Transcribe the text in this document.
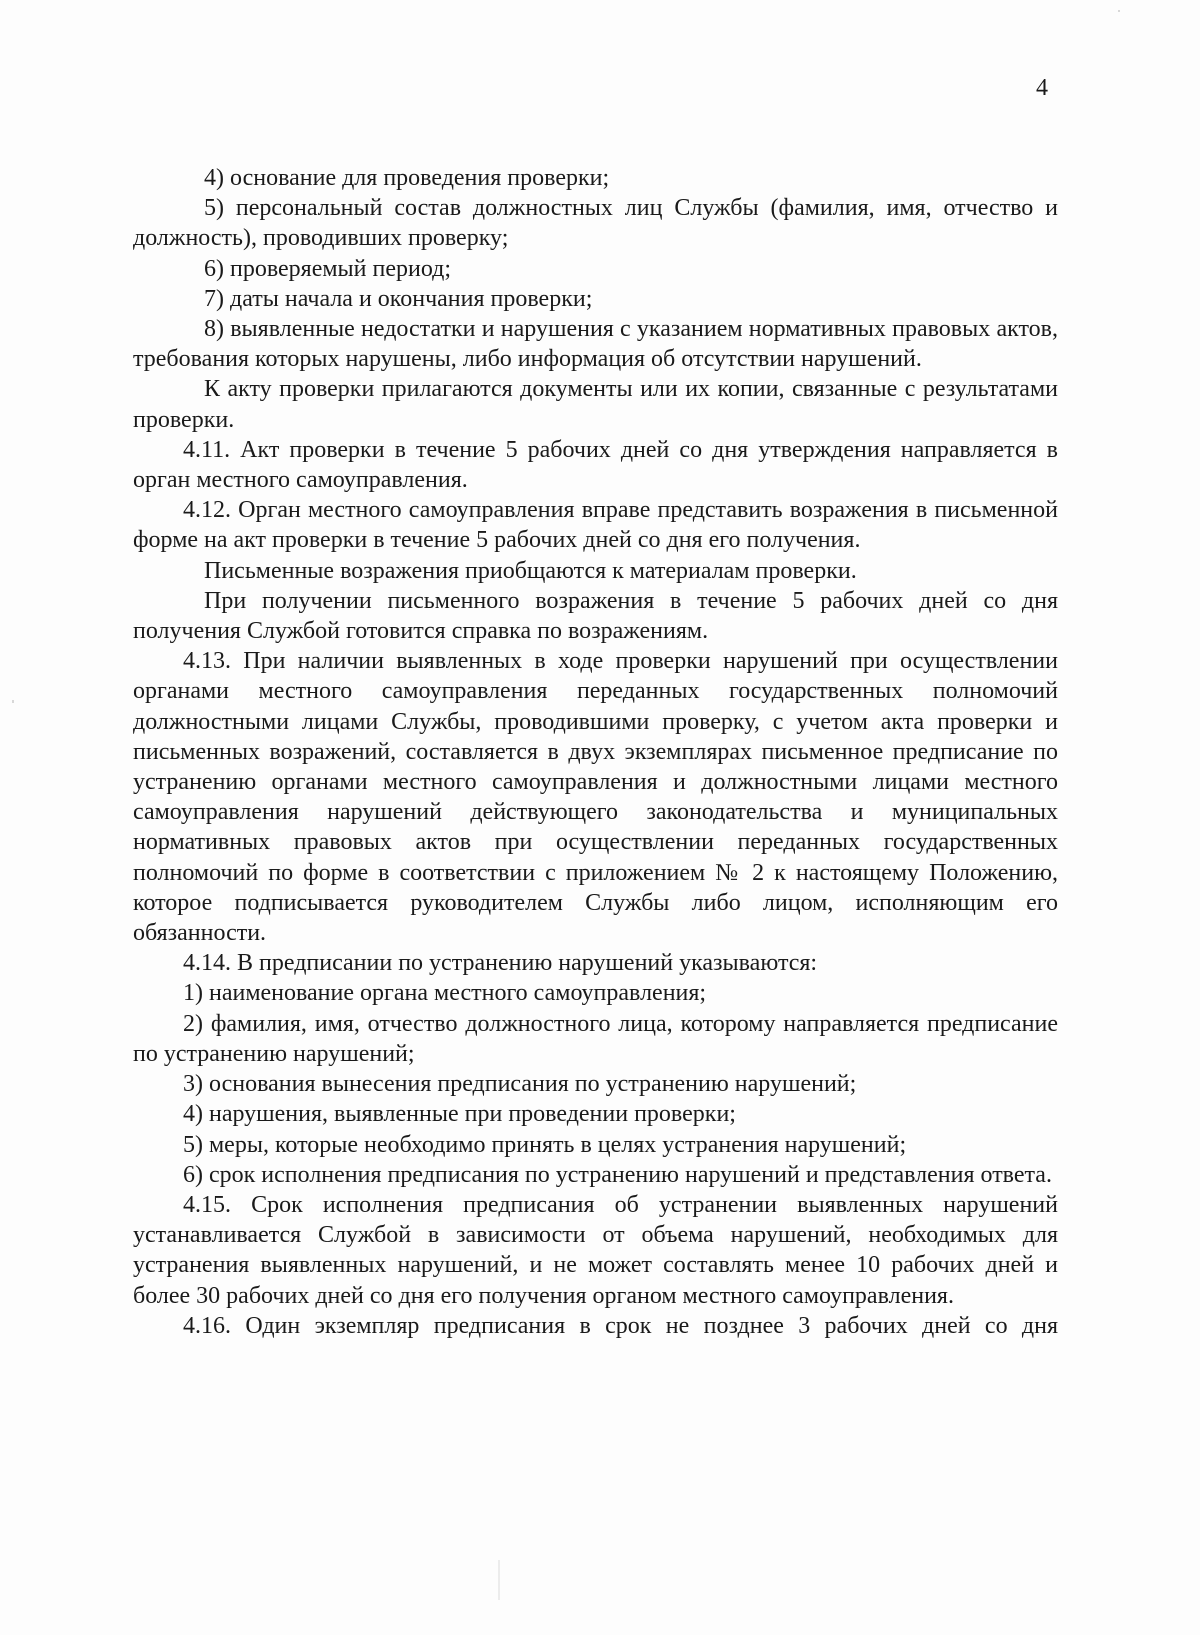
4

4) основание для проведения проверки;

5) персональный состав должностных лиц Службы (фамилия, имя, отчество и должность), проводивших проверку;

6) проверяемый период;

7) даты начала и окончания проверки;

8) выявленные недостатки и нарушения с указанием нормативных правовых актов, требования которых нарушены, либо информация об отсутствии нарушений.

К акту проверки прилагаются документы или их копии, связанные с результатами проверки.

4.11. Акт проверки в течение 5 рабочих дней со дня утверждения направляется в орган местного самоуправления.

4.12. Орган местного самоуправления вправе представить возражения в письменной форме на акт проверки в течение 5 рабочих дней со дня его получения.

Письменные возражения приобщаются к материалам проверки.

При получении письменного возражения в течение 5 рабочих дней со дня получения Службой готовится справка по возражениям.

4.13. При наличии выявленных в ходе проверки нарушений при осуществлении органами местного самоуправления переданных государственных полномочий должностными лицами Службы, проводившими проверку, с учетом акта проверки и письменных возражений, составляется в двух экземплярах письменное предписание по устранению органами местного самоуправления и должностными лицами местного самоуправления нарушений действующего законодательства и муниципальных нормативных правовых актов при осуществлении переданных государственных полномочий по форме в соответствии с приложением № 2 к настоящему Положению, которое подписывается руководителем Службы либо лицом, исполняющим его обязанности.

4.14. В предписании по устранению нарушений указываются:

1) наименование органа местного самоуправления;

2) фамилия, имя, отчество должностного лица, которому направляется предписание по устранению нарушений;

3) основания вынесения предписания по устранению нарушений;

4) нарушения, выявленные при проведении проверки;

5) меры, которые необходимо принять в целях устранения нарушений;

6) срок исполнения предписания по устранению нарушений и представления ответа.

4.15. Срок исполнения предписания об устранении выявленных нарушений устанавливается Службой в зависимости от объема нарушений, необходимых для устранения выявленных нарушений, и не может составлять менее 10 рабочих дней и более 30 рабочих дней со дня его получения органом местного самоуправления.

4.16. Один экземпляр предписания в срок не позднее 3 рабочих дней со дня
